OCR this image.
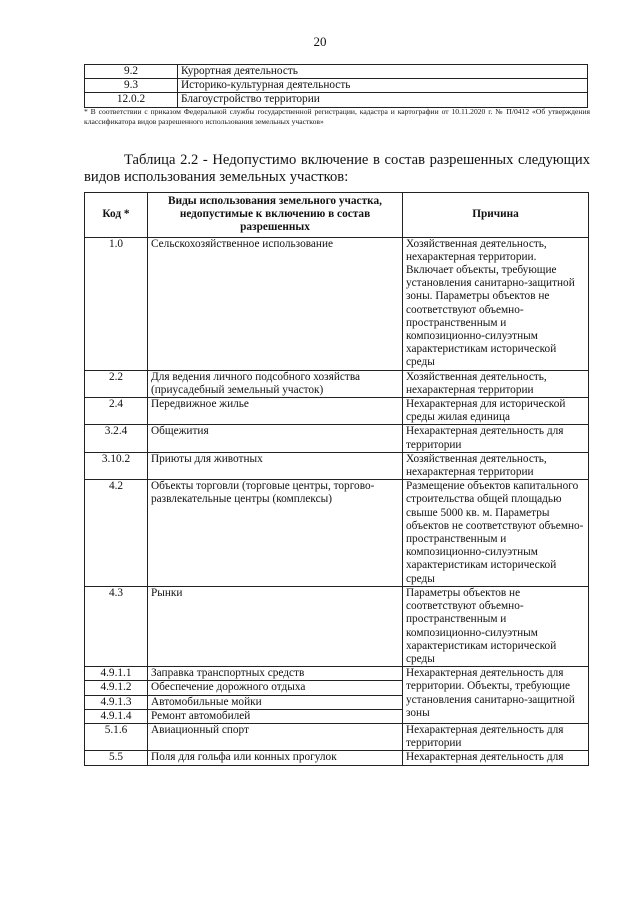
20
9.2	Курортная деятельность
9.3	Историко-культурная деятельность
12.0.2	Благоустройство территории
* В соответствии с приказом Федеральной службы государственной регистрации, кадастра и картографии от 10.11.2020 г. № П/0412 «Об утверждения классификатора видов разрешенного использования земельных участков»
Таблица 2.2 - Недопустимо включение в состав разрешенных следующих видов использования земельных участков:
Код *	Виды использования земельного участка, недопустимые к включению в состав разрешенных	Причина
1.0	Сельскохозяйственное использование	Хозяйственная деятельность, нехарактерная территории. Включает объекты, требующие установления санитарно-защитной зоны. Параметры объектов не соответствуют объемно-пространственным и композиционно-силуэтным характеристикам исторической среды
2.2	Для ведения личного подсобного хозяйства (приусадебный земельный участок)	Хозяйственная деятельность, нехарактерная территории
2.4	Передвижное жилье	Нехарактерная для исторической среды жилая единица
3.2.4	Общежития	Нехарактерная деятельность для территории
3.10.2	Приюты для животных	Хозяйственная деятельность, нехарактерная территории
4.2	Объекты торговли (торговые центры, торгово-развлекательные центры (комплексы)	Размещение объектов капитального строительства общей площадью свыше 5000 кв. м. Параметры объектов не соответствуют объемно-пространственным и композиционно-силуэтным характеристикам исторической среды
4.3	Рынки	Параметры объектов не соответствуют объемно-пространственным и композиционно-силуэтным характеристикам исторической среды
4.9.1.1	Заправка транспортных средств	Нехарактерная деятельность для территории. Объекты, требующие установления санитарно-защитной зоны
4.9.1.2	Обеспечение дорожного отдыха	
4.9.1.3	Автомобильные мойки	
4.9.1.4	Ремонт автомобилей	
5.1.6	Авиационный спорт	Нехарактерная деятельность для территории
5.5	Поля для гольфа или конных прогулок	Нехарактерная деятельность для
